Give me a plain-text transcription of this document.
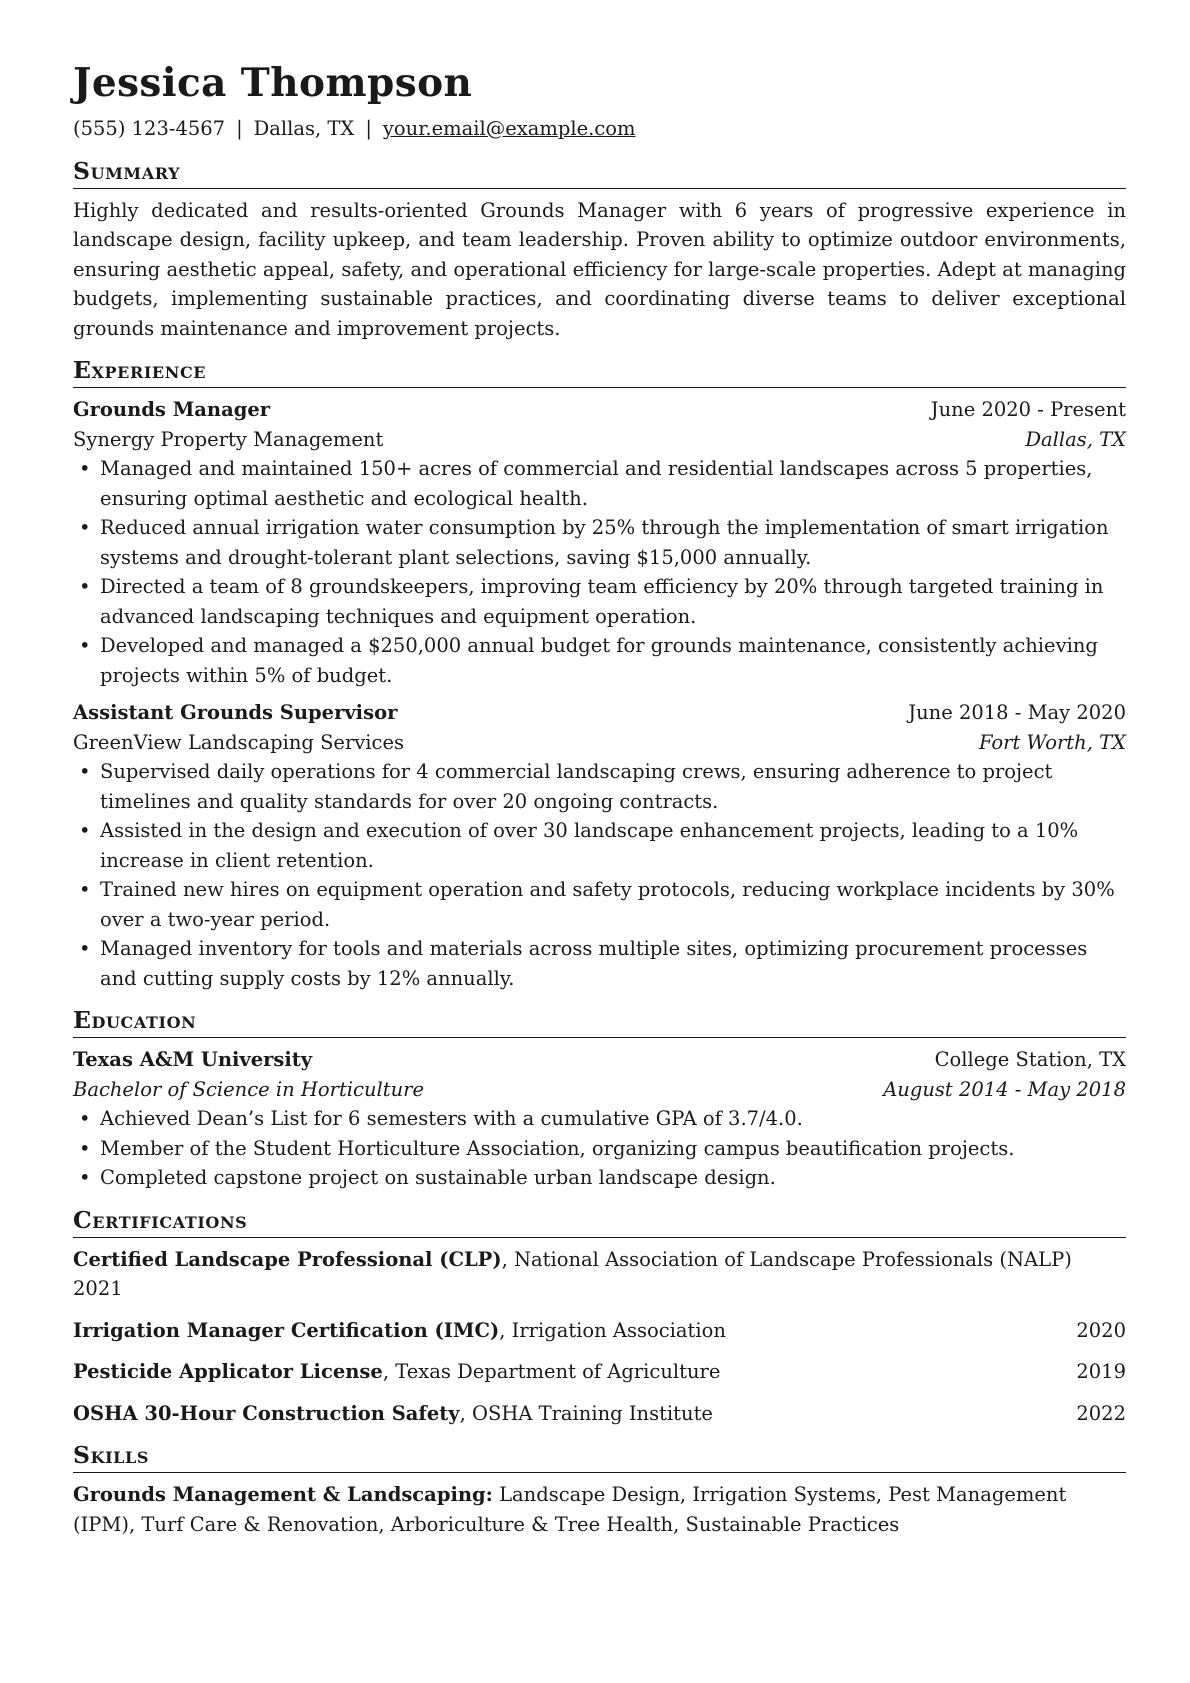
Jessica Thompson
(555) 123-4567 | Dallas, TX | your.email@example.com
Summary

Highly dedicated and results-oriented Grounds Manager with 6 years of progressive experience in landscape design, facility upkeep, and team leadership. Proven ability to optimize outdoor environments, ensuring aesthetic appeal, safety, and operational efficiency for large-scale properties. Adept at managing budgets, implementing sustainable practices, and coordinating diverse teams to deliver exceptional grounds maintenance and improvement projects.

Experience
Grounds Manager	June 2020 - Present
Synergy Property Management	Dallas, TX
• Managed and maintained 150+ acres of commercial and residential landscapes across 5 properties, ensuring optimal aesthetic and ecological health.
• Reduced annual irrigation water consumption by 25% through the implementation of smart irrigation systems and drought-tolerant plant selections, saving $15,000 annually.
• Directed a team of 8 groundskeepers, improving team efficiency by 20% through targeted training in advanced landscaping techniques and equipment operation.
• Developed and managed a $250,000 annual budget for grounds maintenance, consistently achieving projects within 5% of budget.
Assistant Grounds Supervisor	June 2018 - May 2020
GreenView Landscaping Services	Fort Worth, TX
• Supervised daily operations for 4 commercial landscaping crews, ensuring adherence to project timelines and quality standards for over 20 ongoing contracts.
• Assisted in the design and execution of over 30 landscape enhancement projects, leading to a 10% increase in client retention.
• Trained new hires on equipment operation and safety protocols, reducing workplace incidents by 30% over a two-year period.
• Managed inventory for tools and materials across multiple sites, optimizing procurement processes and cutting supply costs by 12% annually.
Education
Texas A&M University	College Station, TX
Bachelor of Science in Horticulture	August 2014 - May 2018
• Achieved Dean’s List for 6 semesters with a cumulative GPA of 3.7/4.0.
• Member of the Student Horticulture Association, organizing campus beautification projects.
• Completed capstone project on sustainable urban landscape design.
Certifications
Certified Landscape Professional (CLP), National Association of Landscape Professionals (NALP)
2021
Irrigation Manager Certification (IMC), Irrigation Association	2020
Pesticide Applicator License, Texas Department of Agriculture	2019
OSHA 30-Hour Construction Safety, OSHA Training Institute	2022
Skills
Grounds Management & Landscaping: Landscape Design, Irrigation Systems, Pest Management (IPM), Turf Care & Renovation, Arboriculture & Tree Health, Sustainable Practices
